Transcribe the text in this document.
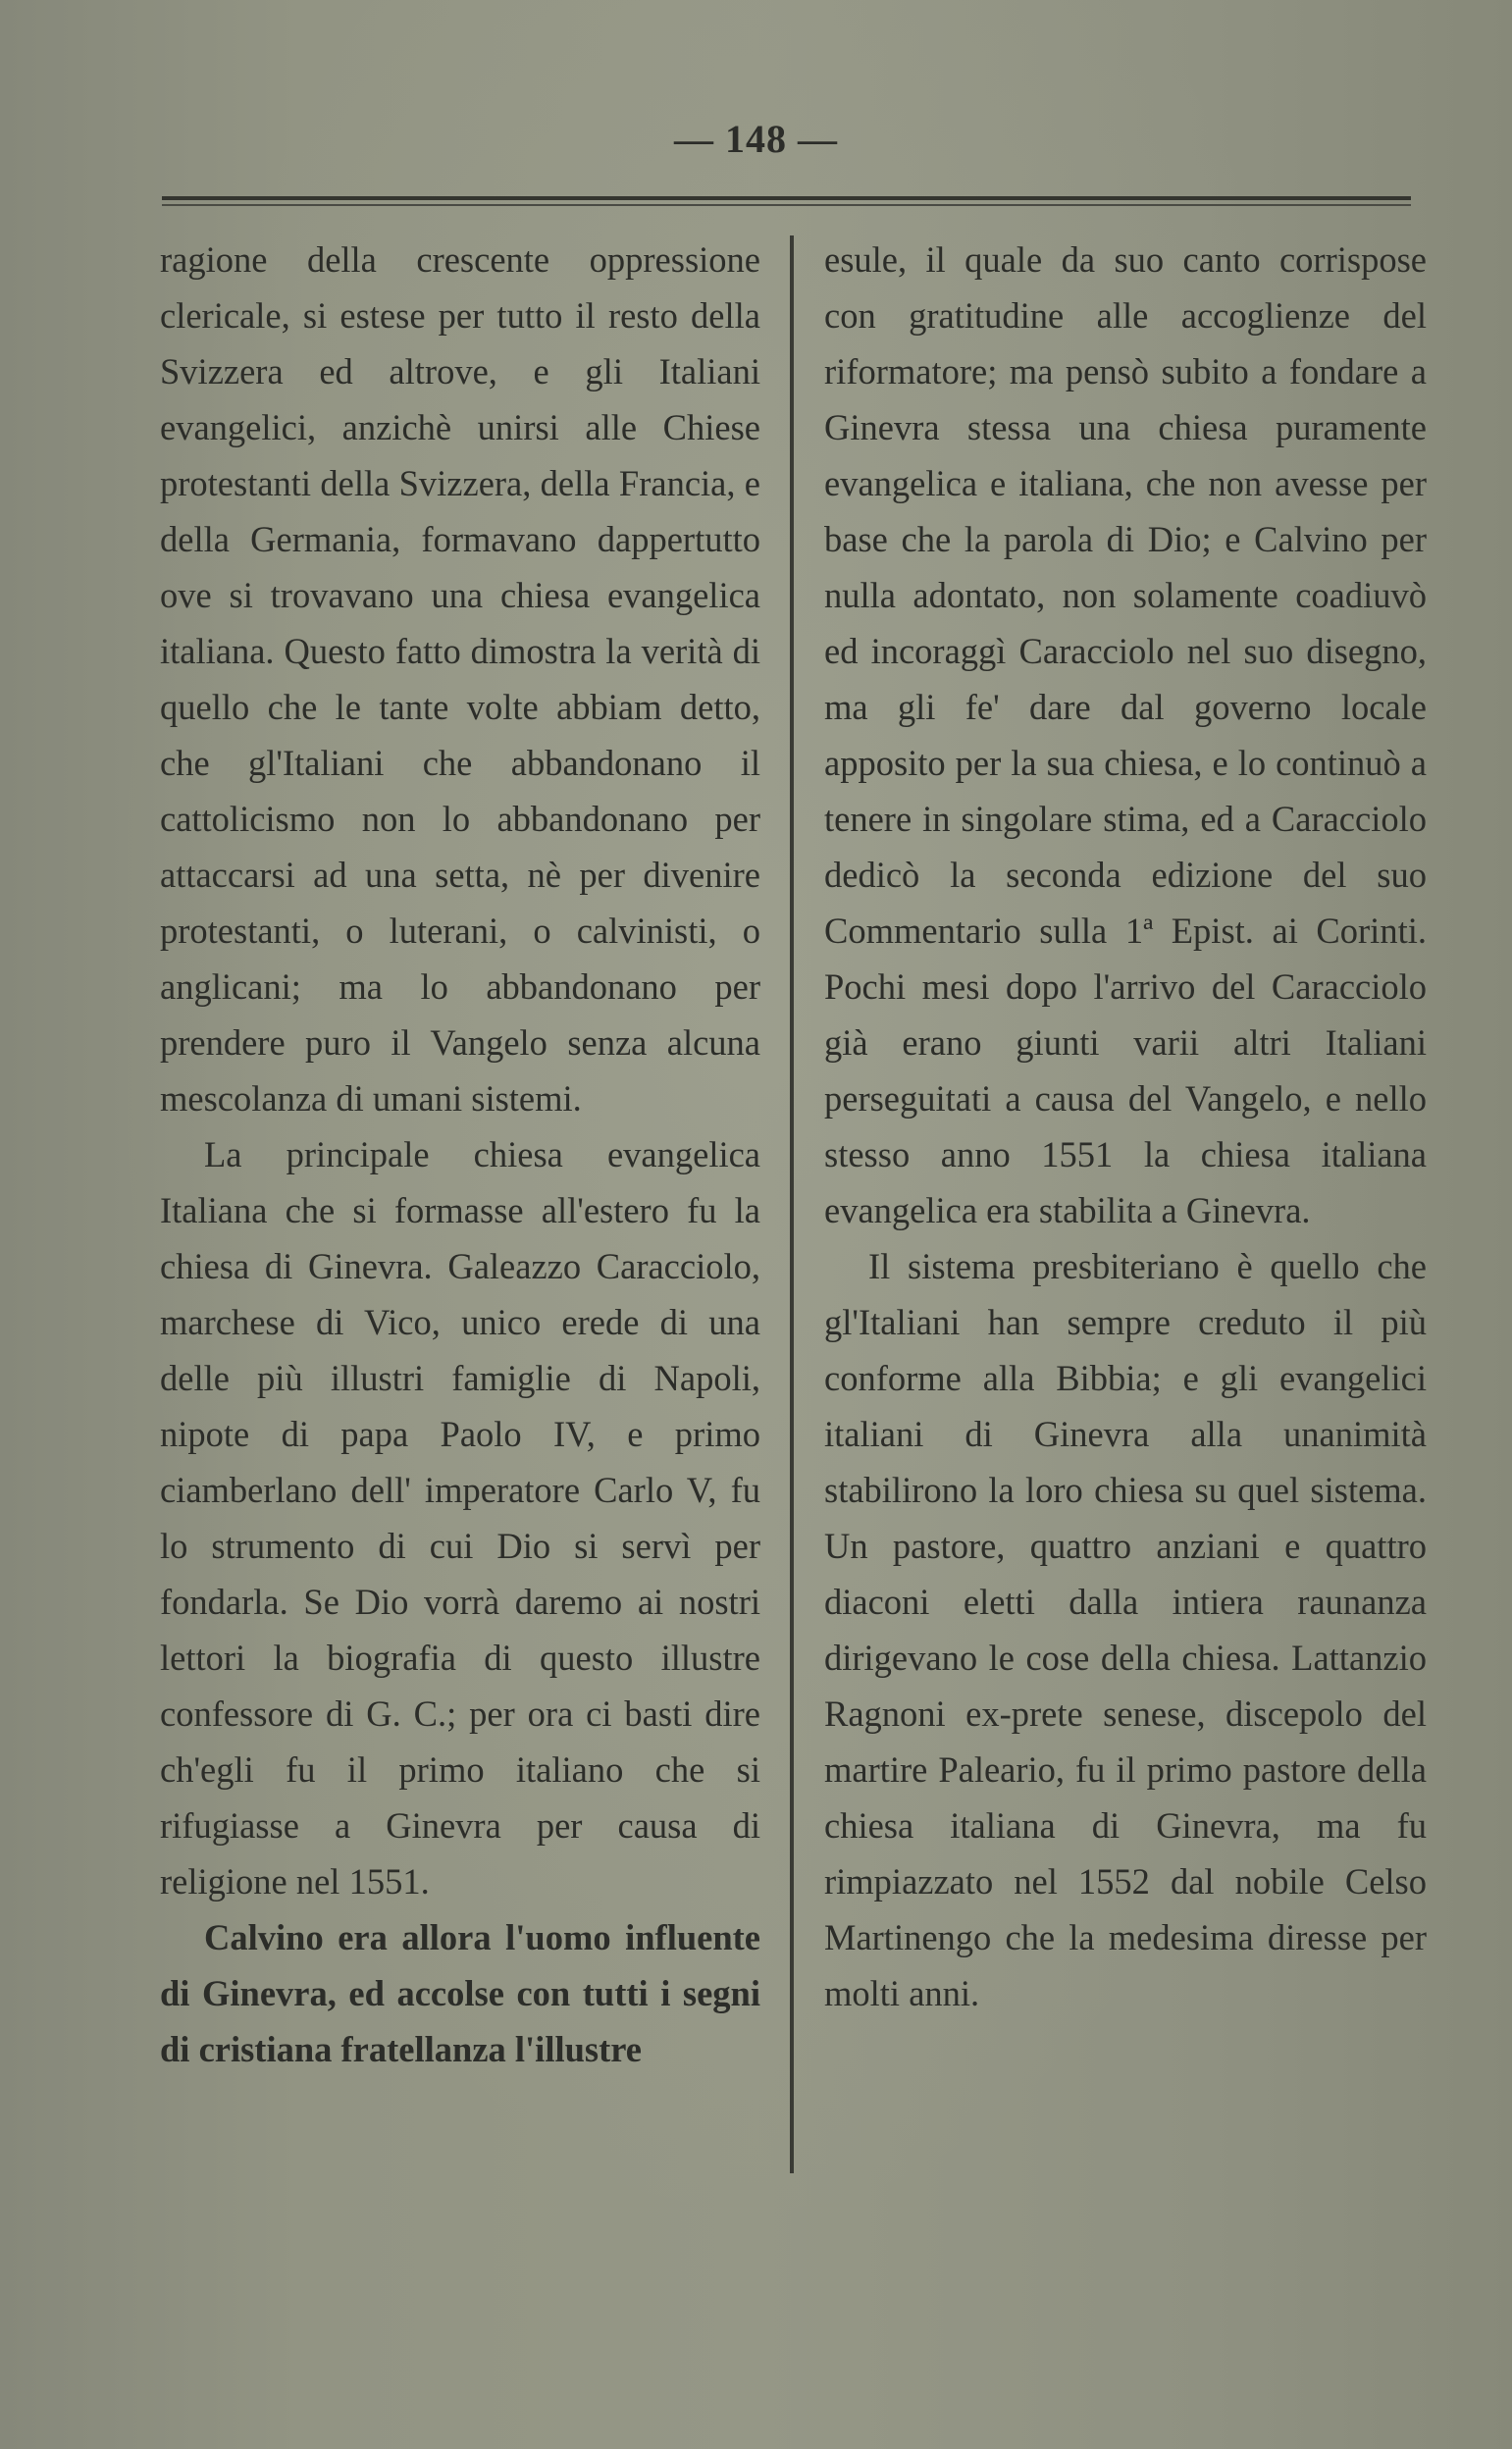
— 148 —

ragione della crescente oppressione clericale, si estese per tutto il resto della Svizzera ed altrove, e gli Italiani evangelici, anzichè unirsi alle Chiese protestanti della Svizzera, della Francia, e della Germania, formavano dappertutto ove si trovavano una chiesa evangelica italiana. Questo fatto dimostra la verità di quello che le tante volte abbiam detto, che gl'Italiani che abbandonano il cattolicismo non lo abbandonano per attaccarsi ad una setta, nè per divenire protestanti, o luterani, o calvinisti, o anglicani; ma lo abbandonano per prendere puro il Vangelo senza alcuna mescolanza di umani sistemi.

La principale chiesa evangelica Italiana che si formasse all'estero fu la chiesa di Ginevra. Galeazzo Caracciolo, marchese di Vico, unico erede di una delle più illustri famiglie di Napoli, nipote di papa Paolo IV, e primo ciamberlano dell' imperatore Carlo V, fu lo strumento di cui Dio si servì per fondarla. Se Dio vorrà daremo ai nostri lettori la biografia di questo illustre confessore di G. C.; per ora ci basti dire ch'egli fu il primo italiano che si rifugiasse a Ginevra per causa di religione nel 1551.

Calvino era allora l'uomo influente di Ginevra, ed accolse con tutti i segni di cristiana fratellanza l'illustre

esule, il quale da suo canto corrispose con gratitudine alle accoglienze del riformatore; ma pensò subito a fondare a Ginevra stessa una chiesa puramente evangelica e italiana, che non avesse per base che la parola di Dio; e Calvino per nulla adontato, non solamente coadiuvò ed incoraggì Caracciolo nel suo disegno, ma gli fe' dare dal governo locale apposito per la sua chiesa, e lo continuò a tenere in singolare stima, ed a Caracciolo dedicò la seconda edizione del suo Commentario sulla 1ª Epist. ai Corinti. Pochi mesi dopo l'arrivo del Caracciolo già erano giunti varii altri Italiani perseguitati a causa del Vangelo, e nello stesso anno 1551 la chiesa italiana evangelica era stabilita a Ginevra.

Il sistema presbiteriano è quello che gl'Italiani han sempre creduto il più conforme alla Bibbia; e gli evangelici italiani di Ginevra alla unanimità stabilirono la loro chiesa su quel sistema. Un pastore, quattro anziani e quattro diaconi eletti dalla intiera raunanza dirigevano le cose della chiesa. Lattanzio Ragnoni ex-prete senese, discepolo del martire Paleario, fu il primo pastore della chiesa italiana di Ginevra, ma fu rimpiazzato nel 1552 dal nobile Celso Martinengo che la medesima diresse per molti anni.
